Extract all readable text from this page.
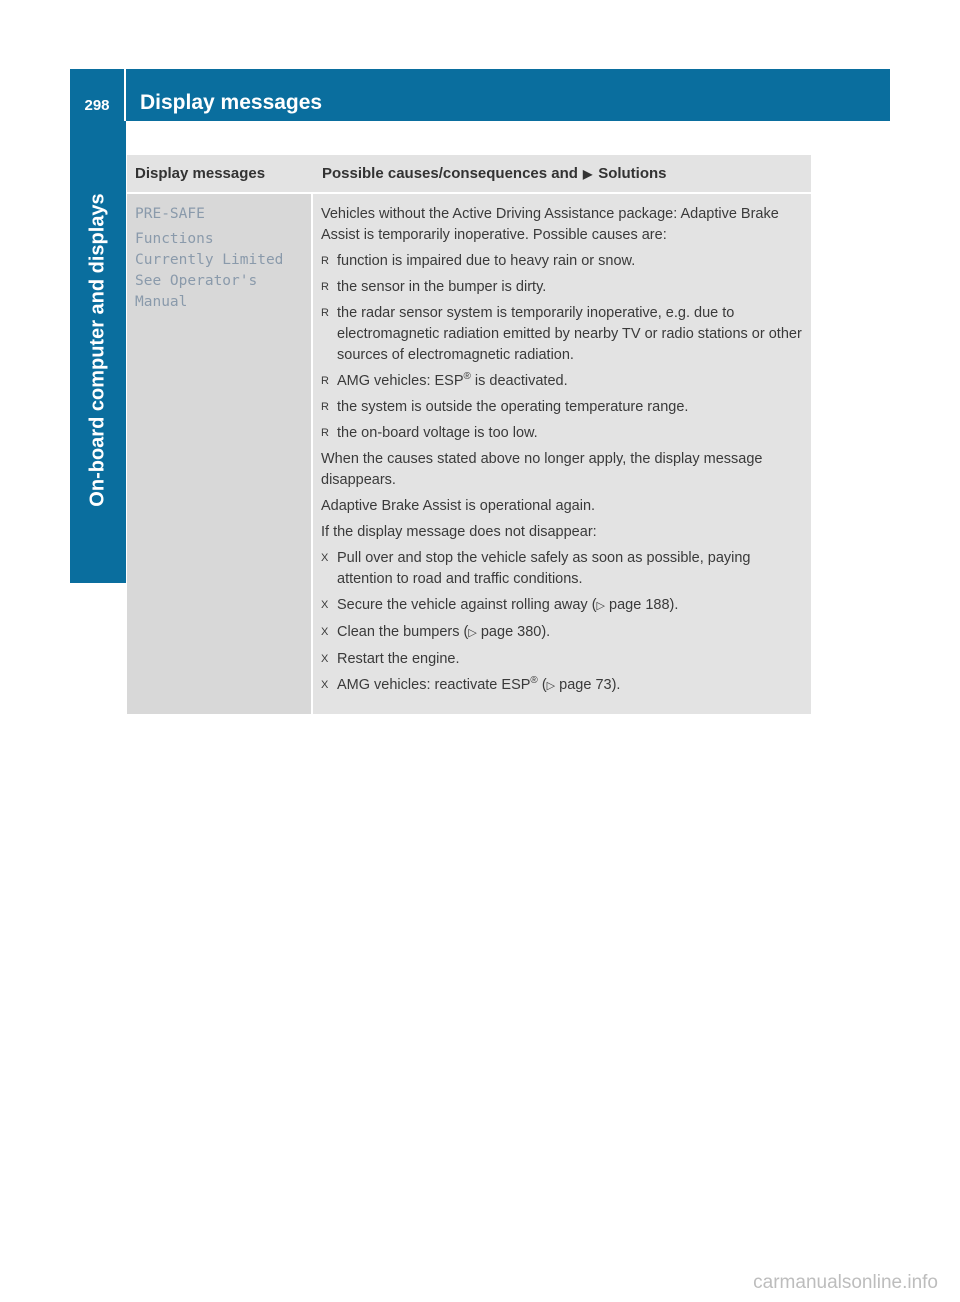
298	Display messages
On-board computer and displays
Display messages	Possible causes/consequences and ▶ Solutions
PRE-SAFE
Functions
Currently Limited
See Operator's
Manual

Vehicles without the Active Driving Assistance package: Adaptive Brake Assist is temporarily inoperative. Possible causes are:

R function is impaired due to heavy rain or snow.
R the sensor in the bumper is dirty.
R the radar sensor system is temporarily inoperative, e.g. due to electromagnetic radiation emitted by nearby TV or radio stations or other sources of electromagnetic radiation.
R AMG vehicles: ESP® is deactivated.
R the system is outside the operating temperature range.
R the on-board voltage is too low.

When the causes stated above no longer apply, the display message disappears.

Adaptive Brake Assist is operational again.

If the display message does not disappear:

X Pull over and stop the vehicle safely as soon as possible, paying attention to road and traffic conditions.
X Secure the vehicle against rolling away (▷ page 188).
X Clean the bumpers (▷ page 380).
X Restart the engine.
X AMG vehicles: reactivate ESP® (▷ page 73).
carmanualsonline.info
